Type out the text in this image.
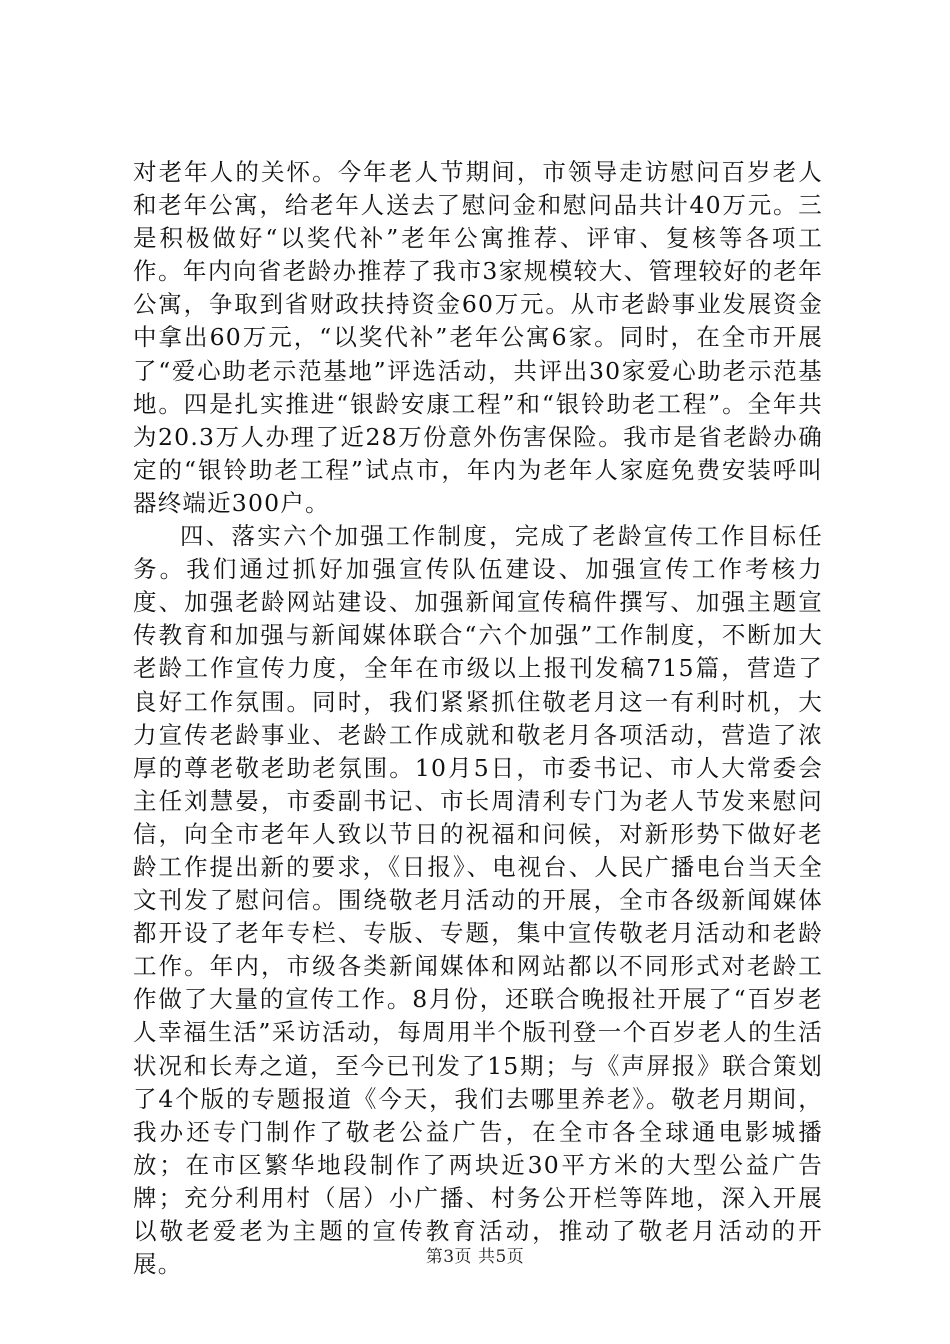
对老年人的关怀。今年老人节期间，市领导走访慰问百岁老人和老年公寓，给老年人送去了慰问金和慰问品共计40万元。三是积极做好“以奖代补”老年公寓推荐、评审、复核等各项工作。年内向省老龄办推荐了我市3家规模较大、管理较好的老年公寓，争取到省财政扶持资金60万元。从市老龄事业发展资金中拿出60万元，“以奖代补”老年公寓6家。同时，在全市开展了“爱心助老示范基地”评选活动，共评出30家爱心助老示范基地。四是扎实推进“银龄安康工程”和“银铃助老工程”。全年共为20.3万人办理了近28万份意外伤害保险。我市是省老龄办确定的“银铃助老工程”试点市，年内为老年人家庭免费安装呼叫器终端近300户。

四、落实六个加强工作制度，完成了老龄宣传工作目标任务。我们通过抓好加强宣传队伍建设、加强宣传工作考核力度、加强老龄网站建设、加强新闻宣传稿件撰写、加强主题宣传教育和加强与新闻媒体联合“六个加强”工作制度，不断加大老龄工作宣传力度，全年在市级以上报刊发稿715篇，营造了良好工作氛围。同时，我们紧紧抓住敬老月这一有利时机，大力宣传老龄事业、老龄工作成就和敬老月各项活动，营造了浓厚的尊老敬老助老氛围。10月5日，市委书记、市人大常委会主任刘慧晏，市委副书记、市长周清利专门为老人节发来慰问信，向全市老年人致以节日的祝福和问候，对新形势下做好老龄工作提出新的要求，《日报》、电视台、人民广播电台当天全文刊发了慰问信。围绕敬老月活动的开展，全市各级新闻媒体都开设了老年专栏、专版、专题，集中宣传敬老月活动和老龄工作。年内，市级各类新闻媒体和网站都以不同形式对老龄工作做了大量的宣传工作。8月份，还联合晚报社开展了“百岁老人幸福生活”采访活动，每周用半个版刊登一个百岁老人的生活状况和长寿之道，至今已刊发了15期；与《声屏报》联合策划了4个版的专题报道《今天，我们去哪里养老》。敬老月期间，我办还专门制作了敬老公益广告，在全市各全球通电影城播放；在市区繁华地段制作了两块近30平方米的大型公益广告牌；充分利用村（居）小广播、村务公开栏等阵地，深入开展以敬老爱老为主题的宣传教育活动，推动了敬老月活动的开展。	第3页 共5页
